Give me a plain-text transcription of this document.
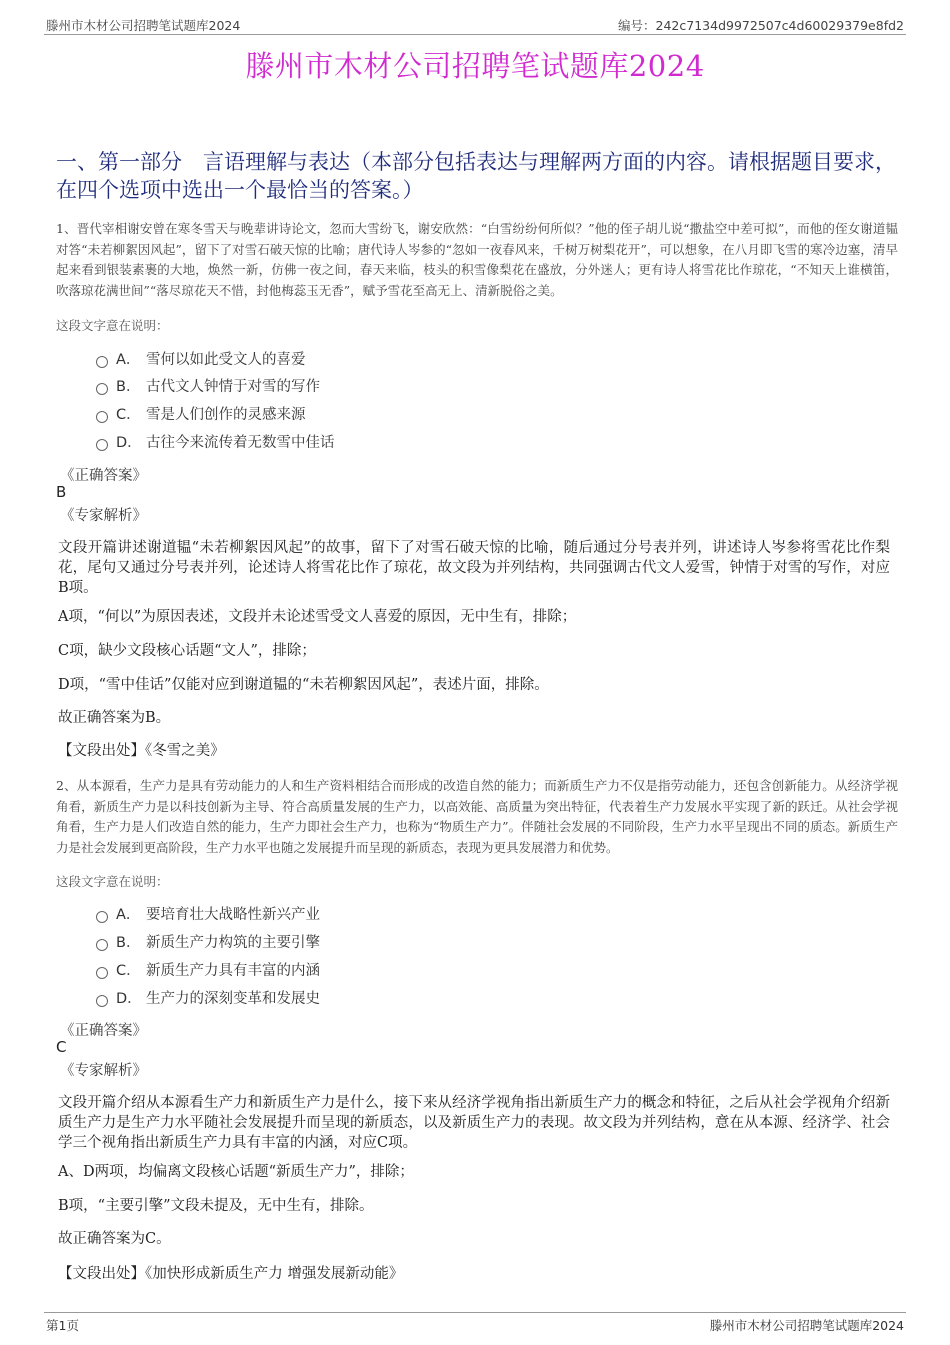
滕州市木材公司招聘笔试题库2024	编号：242c7134d9972507c4d60029379e8fd2
滕州市木材公司招聘笔试题库2024
一、第一部分　言语理解与表达（本部分包括表达与理解两方面的内容。请根据题目要求，在四个选项中选出一个最恰当的答案。）
1、晋代宰相谢安曾在寒冬雪天与晚辈讲诗论文，忽而大雪纷飞，谢安欣然：“白雪纷纷何所似？”他的侄子胡儿说“撒盐空中差可拟”，而他的侄女谢道韫对答“未若柳絮因风起”，留下了对雪石破天惊的比喻；唐代诗人岑参的“忽如一夜春风来，千树万树梨花开”，可以想象，在八月即飞雪的寒冷边塞，清早起来看到银装素裹的大地，焕然一新，仿佛一夜之间，春天来临，枝头的积雪像梨花在盛放，分外迷人；更有诗人将雪花比作琼花，“不知天上谁横笛，吹落琼花满世间”“落尽琼花天不惜，封他梅蕊玉无香”，赋予雪花至高无上、清新脱俗之美。
这段文字意在说明：
A． 雪何以如此受文人的喜爱
B． 古代文人钟情于对雪的写作
C． 雪是人们创作的灵感来源
D． 古往今来流传着无数雪中佳话
《正确答案》
B
《专家解析》
文段开篇讲述谢道韫“未若柳絮因风起”的故事，留下了对雪石破天惊的比喻，随后通过分号表并列，讲述诗人岑参将雪花比作梨花，尾句又通过分号表并列，论述诗人将雪花比作了琼花，故文段为并列结构，共同强调古代文人爱雪，钟情于对雪的写作，对应B项。
A项，“何以”为原因表述，文段并未论述雪受文人喜爱的原因，无中生有，排除；
C项，缺少文段核心话题“文人”，排除；
D项，“雪中佳话”仅能对应到谢道韫的“未若柳絮因风起”，表述片面，排除。
故正确答案为B。
【文段出处】《冬雪之美》
2、从本源看，生产力是具有劳动能力的人和生产资料相结合而形成的改造自然的能力；而新质生产力不仅是指劳动能力，还包含创新能力。从经济学视角看，新质生产力是以科技创新为主导、符合高质量发展的生产力，以高效能、高质量为突出特征，代表着生产力发展水平实现了新的跃迁。从社会学视角看，生产力是人们改造自然的能力，生产力即社会生产力，也称为“物质生产力”。伴随社会发展的不同阶段，生产力水平呈现出不同的质态。新质生产力是社会发展到更高阶段，生产力水平也随之发展提升而呈现的新质态，表现为更具发展潜力和优势。
这段文字意在说明：
A． 要培育壮大战略性新兴产业
B． 新质生产力构筑的主要引擎
C． 新质生产力具有丰富的内涵
D． 生产力的深刻变革和发展史
《正确答案》
C
《专家解析》
文段开篇介绍从本源看生产力和新质生产力是什么，接下来从经济学视角指出新质生产力的概念和特征，之后从社会学视角介绍新质生产力是生产力水平随社会发展提升而呈现的新质态，以及新质生产力的表现。故文段为并列结构，意在从本源、经济学、社会学三个视角指出新质生产力具有丰富的内涵，对应C项。
A、D两项，均偏离文段核心话题“新质生产力”，排除；
B项，“主要引擎”文段未提及，无中生有，排除。
故正确答案为C。
【文段出处】《加快形成新质生产力 增强发展新动能》
第1页	滕州市木材公司招聘笔试题库2024
